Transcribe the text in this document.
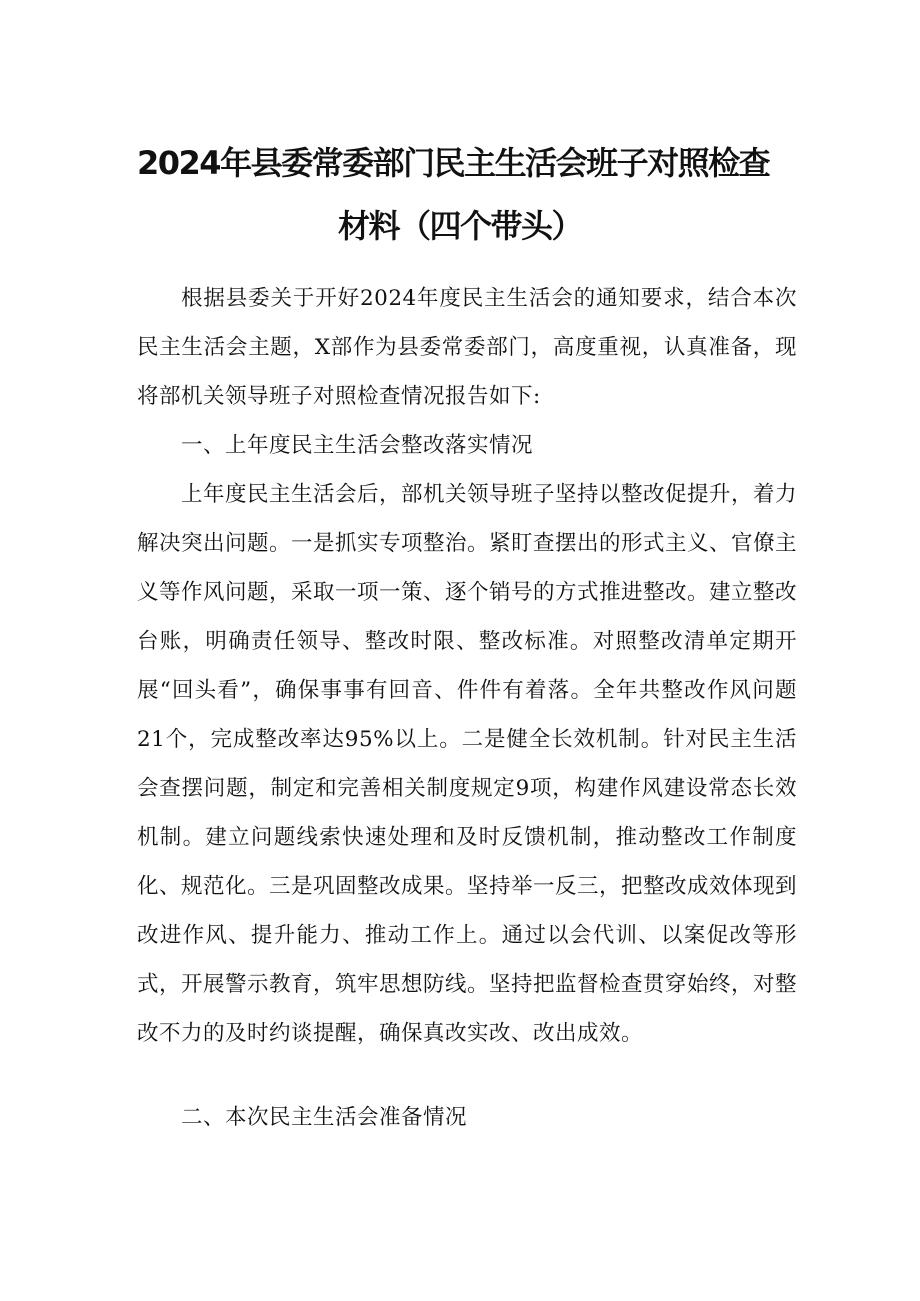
2024年县委常委部门民主生活会班子对照检查
材料（四个带头）

根据县委关于开好2024年度民主生活会的通知要求，结合本次民主生活会主题，X部作为县委常委部门，高度重视，认真准备，现将部机关领导班子对照检查情况报告如下:

一、上年度民主生活会整改落实情况

上年度民主生活会后，部机关领导班子坚持以整改促提升，着力解决突出问题。一是抓实专项整治。紧盯查摆出的形式主义、官僚主义等作风问题，采取一项一策、逐个销号的方式推进整改。建立整改台账，明确责任领导、整改时限、整改标准。对照整改清单定期开展“回头看”，确保事事有回音、件件有着落。全年共整改作风问题21个，完成整改率达95%以上。二是健全长效机制。针对民主生活会查摆问题，制定和完善相关制度规定9项，构建作风建设常态长效机制。建立问题线索快速处理和及时反馈机制，推动整改工作制度化、规范化。三是巩固整改成果。坚持举一反三，把整改成效体现到改进作风、提升能力、推动工作上。通过以会代训、以案促改等形式，开展警示教育，筑牢思想防线。坚持把监督检查贯穿始终，对整改不力的及时约谈提醒，确保真改实改、改出成效。

二、本次民主生活会准备情况
